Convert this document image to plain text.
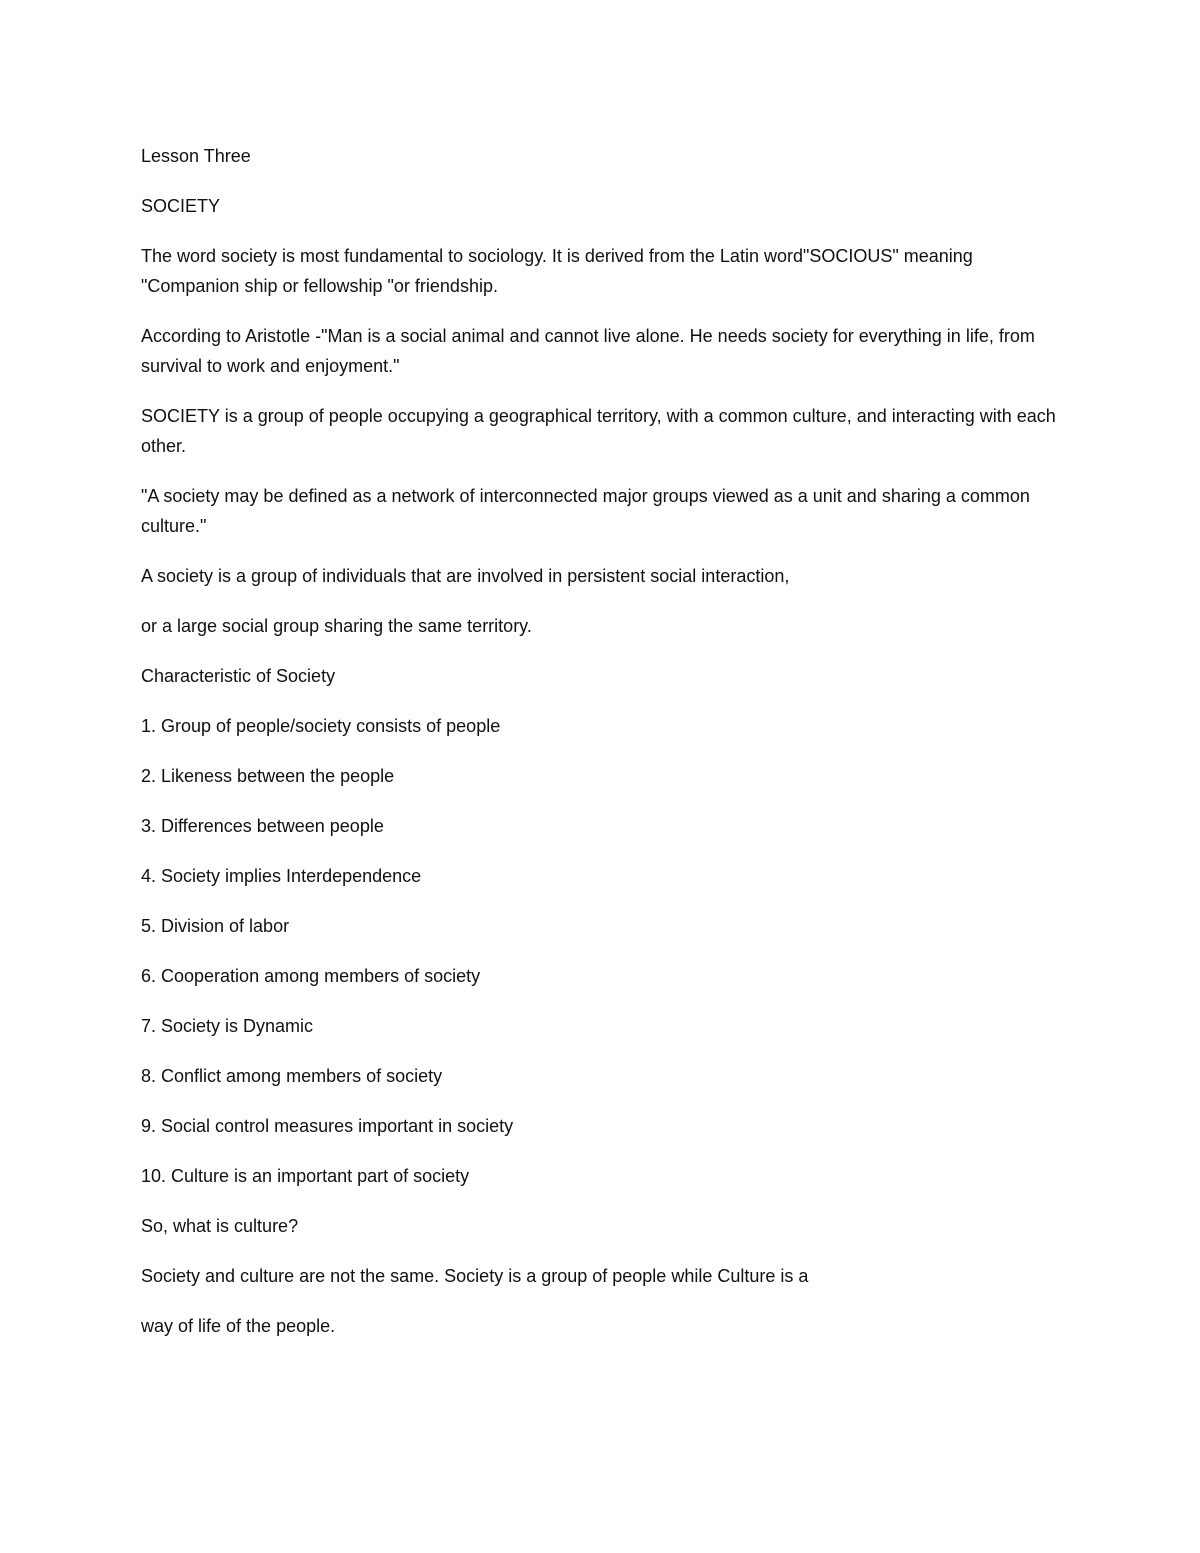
Lesson Three

SOCIETY

The word society is most fundamental to sociology. It is derived from the Latin word"SOCIOUS" meaning "Companion ship or fellowship "or friendship.

According to Aristotle -"Man is a social animal and cannot live alone. He needs society for everything in life, from survival to work and enjoyment."

SOCIETY is a group of people occupying a geographical territory, with a common culture, and interacting with each other.

"A society may be defined as a network of interconnected major groups viewed as a unit and sharing a common culture."

A society is a group of individuals that are involved in persistent social interaction,

or a large social group sharing the same territory.

Characteristic of Society

1. Group of people/society consists of people

2. Likeness between the people

3. Differences between people

4. Society implies Interdependence

5. Division of labor

6. Cooperation among members of society

7. Society is Dynamic

8. Conflict among members of society

9. Social control measures important in society

10. Culture is an important part of society

So, what is culture?

Society and culture are not the same. Society is a group of people while Culture is a

way of life of the people.
